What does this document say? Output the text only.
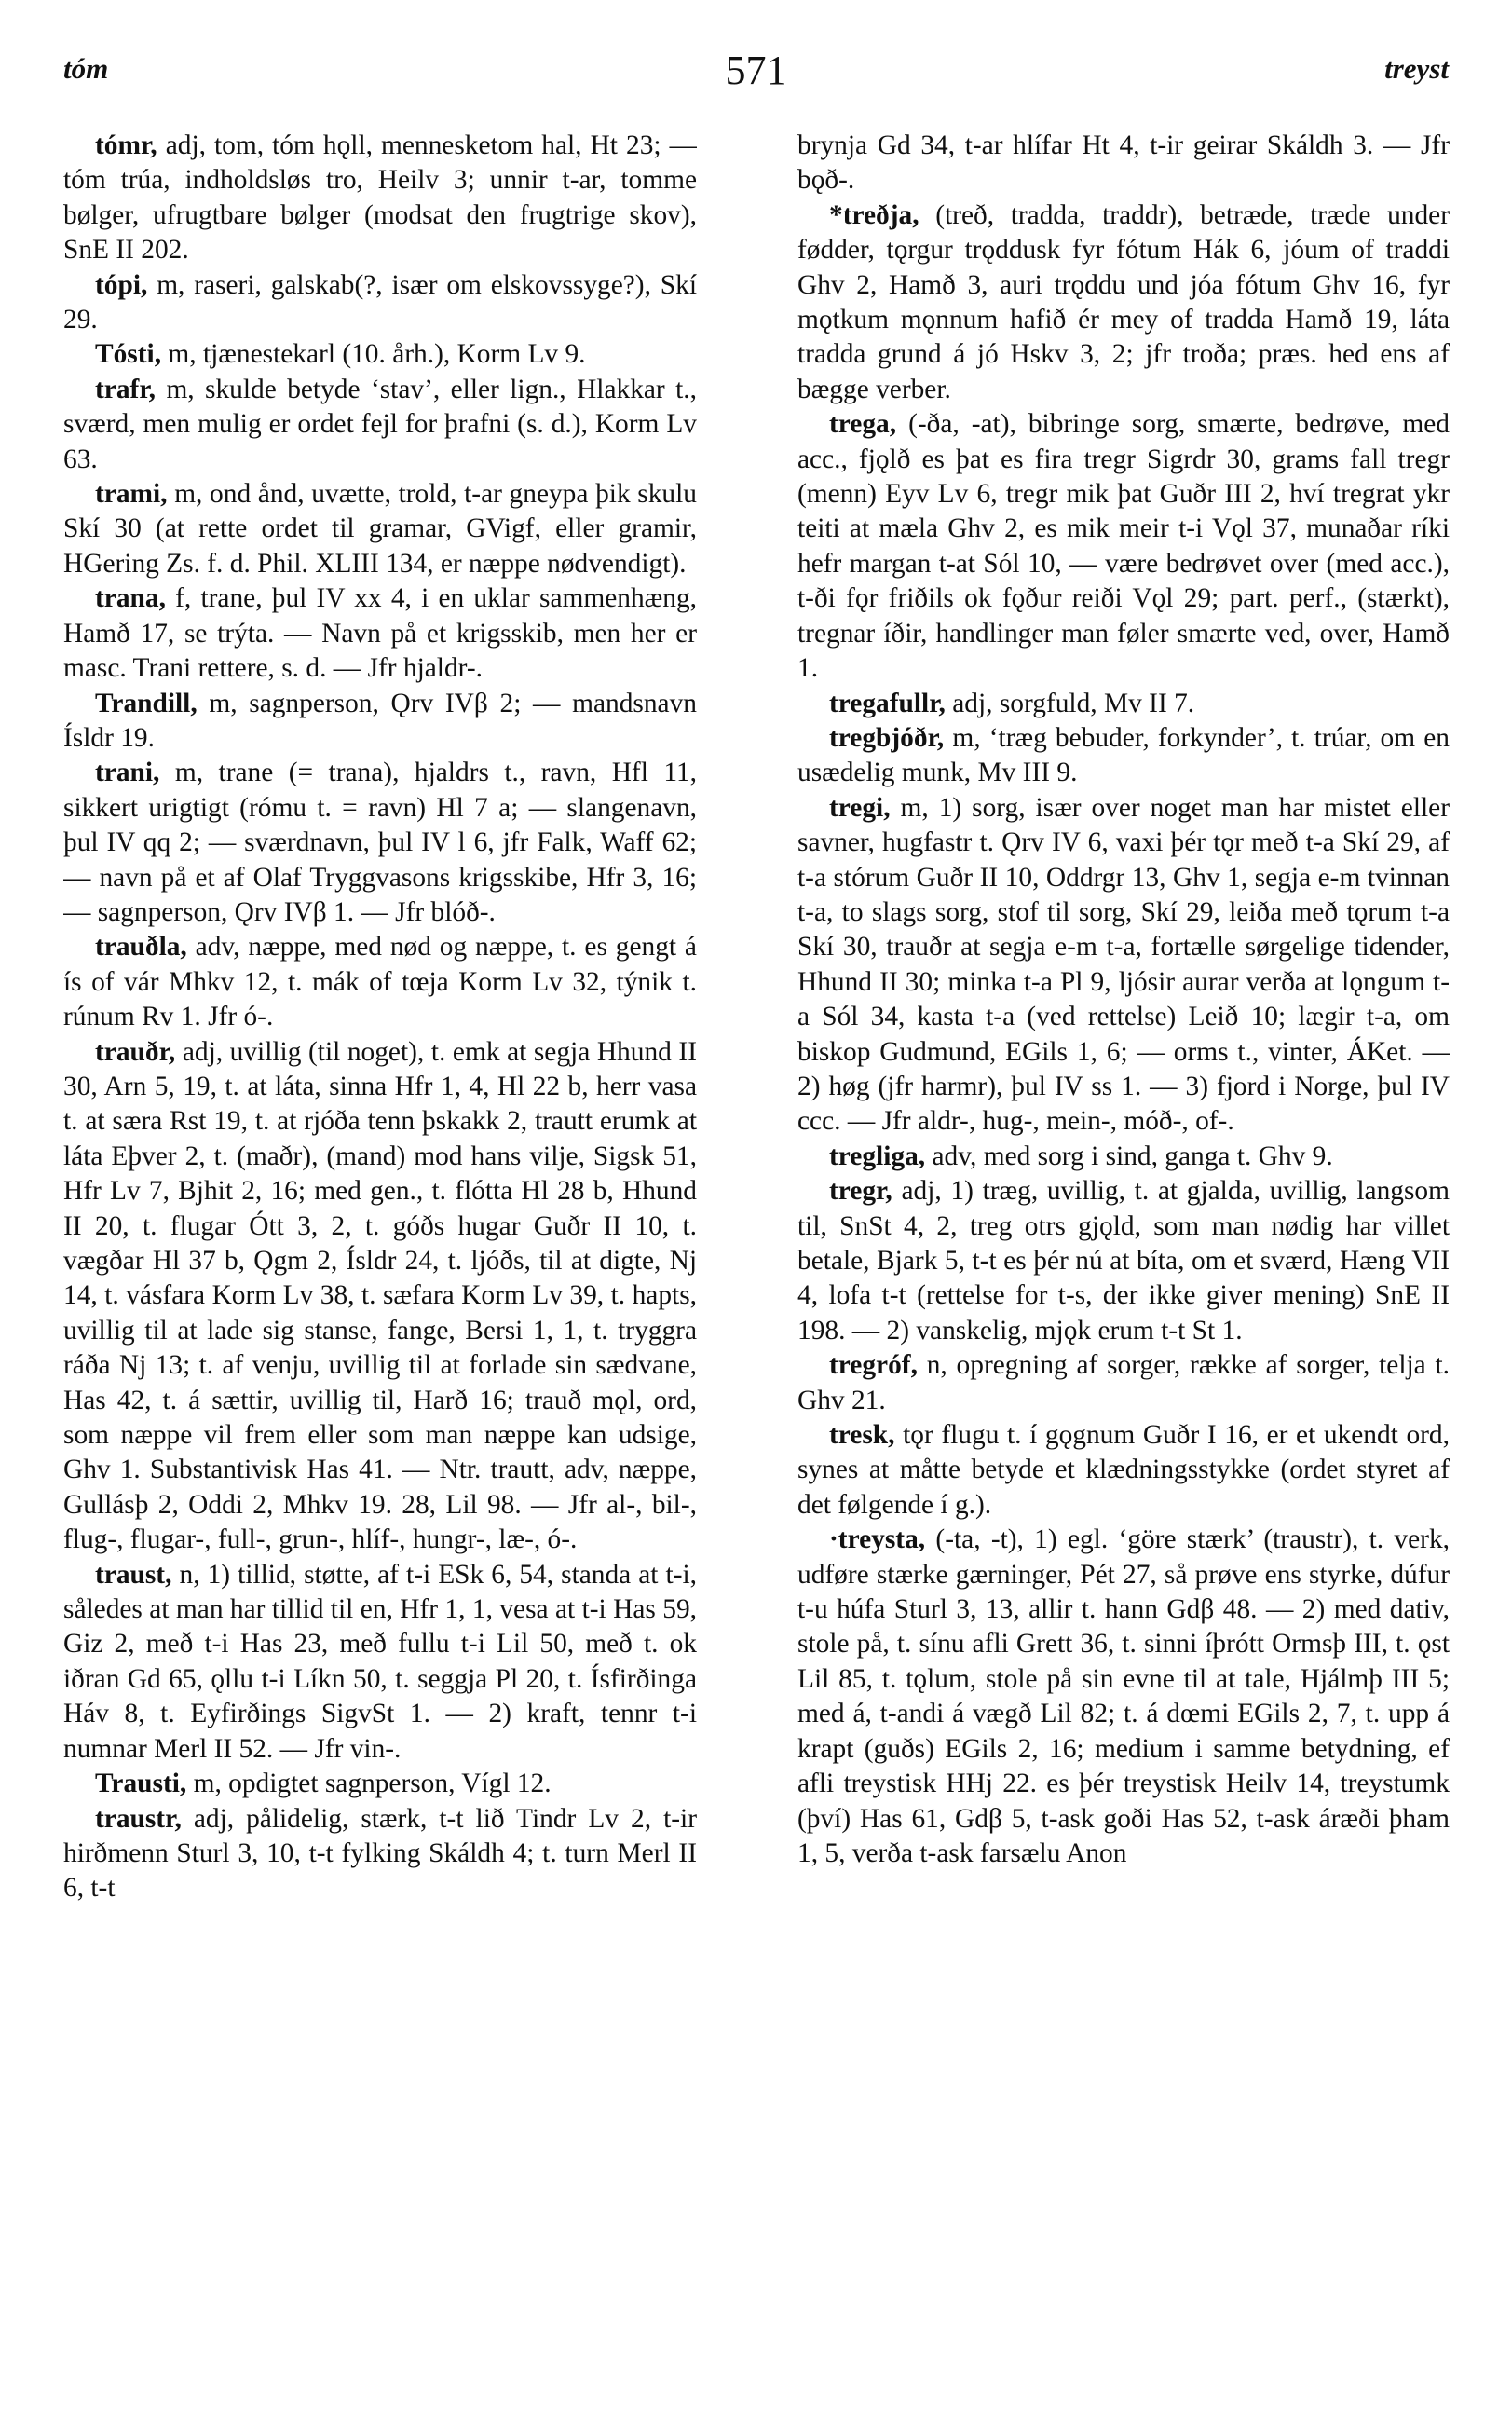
tóm	571	treyst

tómr, adj, tom, tóm hǫll, mennesketom hal, Ht 23; — tóm trúa, indholdsløs tro, Heilv 3; unnir t-ar, tomme bølger, ufrugtbare bølger (modsat den frugtrige skov), SnE II 202.

tópi, m, raseri, galskab(?, især om elskovssyge?), Skí 29.

Tósti, m, tjænestekarl (10. årh.), Korm Lv 9.

trafr, m, skulde betyde ‘stav’, eller lign., Hlakkar t., sværd, men mulig er ordet fejl for þrafni (s. d.), Korm Lv 63.

trami, m, ond ånd, uvætte, trold, t-ar gneypa þik skulu Skí 30 (at rette ordet til gramar, GVigf, eller gramir, HGering Zs. f. d. Phil. XLIII 134, er næppe nødvendigt).

trana, f, trane, þul IV xx 4, i en uklar sammenhæng, Hamð 17, se trýta. — Navn på et krigsskib, men her er masc. Trani rettere, s. d. — Jfr hjaldr-.

Trandill, m, sagnperson, Ǫrv IVβ 2; — mandsnavn Ísldr 19.

trani, m, trane (= trana), hjaldrs t., ravn, Hfl 11, sikkert urigtigt (rómu t. = ravn) Hl 7 a; — slangenavn, þul IV qq 2; — sværdnavn, þul IV l 6, jfr Falk, Waff 62; — navn på et af Olaf Tryggvasons krigsskibe, Hfr 3, 16; — sagnperson, Ǫrv IVβ 1. — Jfr blóð-.

trauðla, adv, næppe, med nød og næppe, t. es gengt á ís of vár Mhkv 12, t. mák of tœja Korm Lv 32, týnik t. rúnum Rv 1. Jfr ó-.

trauðr, adj, uvillig (til noget), t. emk at segja Hhund II 30, Arn 5, 19, t. at láta, sinna Hfr 1, 4, Hl 22 b, herr vasa t. at særa Rst 19, t. at rjóða tenn þskakk 2, trautt erumk at láta Eþver 2, t. (maðr), (mand) mod hans vilje, Sigsk 51, Hfr Lv 7, Bjhit 2, 16; med gen., t. flótta Hl 28 b, Hhund II 20, t. flugar Ótt 3, 2, t. góðs hugar Guðr II 10, t. vægðar Hl 37 b, Ǫgm 2, Ísldr 24, t. ljóðs, til at digte, Nj 14, t. vásfara Korm Lv 38, t. sæfara Korm Lv 39, t. hapts, uvillig til at lade sig stanse, fange, Bersi 1, 1, t. tryggra ráða Nj 13; t. af venju, uvillig til at forlade sin sædvane, Has 42, t. á sættir, uvillig til, Harð 16; trauð mǫl, ord, som næppe vil frem eller som man næppe kan udsige, Ghv 1. Substantivisk Has 41. — Ntr. trautt, adv, næppe, Gullásþ 2, Oddi 2, Mhkv 19. 28, Lil 98. — Jfr al-, bil-, flug-, flugar-, full-, grun-, hlíf-, hungr-, læ-, ó-.

traust, n, 1) tillid, støtte, af t-i ESk 6, 54, standa at t-i, således at man har tillid til en, Hfr 1, 1, vesa at t-i Has 59, Giz 2, með t-i Has 23, með fullu t-i Lil 50, með t. ok iðran Gd 65, ǫllu t-i Líkn 50, t. seggja Pl 20, t. Ísfirðinga Háv 8, t. Eyfirðings SigvSt 1. — 2) kraft, tennr t-i numnar Merl II 52. — Jfr vin-.

Trausti, m, opdigtet sagnperson, Vígl 12.

traustr, adj, pålidelig, stærk, t-t lið Tindr Lv 2, t-ir hirðmenn Sturl 3, 10, t-t fylking Skáldh 4; t. turn Merl II 6, t-t

brynja Gd 34, t-ar hlífar Ht 4, t-ir geirar Skáldh 3. — Jfr bǫð-.

*treðja, (treð, tradda, traddr), betræde, træde under fødder, tǫrgur trǫddusk fyr fótum Hák 6, jóum of traddi Ghv 2, Hamð 3, auri trǫddu und jóa fótum Ghv 16, fyr mǫtkum mǫnnum hafið ér mey of tradda Hamð 19, láta tradda grund á jó Hskv 3, 2; jfr troða; præs. hed ens af bægge verber.

trega, (-ða, -at), bibringe sorg, smærte, bedrøve, med acc., fjǫlð es þat es fira tregr Sigrdr 30, grams fall tregr (menn) Eyv Lv 6, tregr mik þat Guðr III 2, hví tregrat ykr teiti at mæla Ghv 2, es mik meir t-i Vǫl 37, munaðar ríki hefr margan t-at Sól 10, — være bedrøvet over (med acc.), t-ði fǫr friðils ok fǫður reiði Vǫl 29; part. perf., (stærkt), tregnar íðir, handlinger man føler smærte ved, over, Hamð 1.

tregafullr, adj, sorgfuld, Mv II 7.

tregbjóðr, m, ‘træg bebuder, forkynder’, t. trúar, om en usædelig munk, Mv III 9.

tregi, m, 1) sorg, især over noget man har mistet eller savner, hugfastr t. Ǫrv IV 6, vaxi þér tǫr með t-a Skí 29, af t-a stórum Guðr II 10, Oddrgr 13, Ghv 1, segja e-m tvinnan t-a, to slags sorg, stof til sorg, Skí 29, leiða með tǫrum t-a Skí 30, trauðr at segja e-m t-a, fortælle sørgelige tidender, Hhund II 30; minka t-a Pl 9, ljósir aurar verða at lǫngum t-a Sól 34, kasta t-a (ved rettelse) Leið 10; lægir t-a, om biskop Gudmund, EGils 1, 6; — orms t., vinter, ÁKet. — 2) høg (jfr harmr), þul IV ss 1. — 3) fjord i Norge, þul IV ccc. — Jfr aldr-, hug-, mein-, móð-, of-.

tregliga, adv, med sorg i sind, ganga t. Ghv 9.

tregr, adj, 1) træg, uvillig, t. at gjalda, uvillig, langsom til, SnSt 4, 2, treg otrs gjǫld, som man nødig har villet betale, Bjark 5, t-t es þér nú at bíta, om et sværd, Hæng VII 4, lofa t-t (rettelse for t-s, der ikke giver mening) SnE II 198. — 2) vanskelig, mjǫk erum t-t St 1.

tregróf, n, opregning af sorger, række af sorger, telja t. Ghv 21.

tresk, tǫr flugu t. í gǫgnum Guðr I 16, er et ukendt ord, synes at måtte betyde et klædningsstykke (ordet styret af det følgende í g.).

·treysta, (-ta, -t), 1) egl. ‘göre stærk’ (traustr), t. verk, udføre stærke gærninger, Pét 27, så prøve ens styrke, dúfur t-u húfa Sturl 3, 13, allir t. hann Gdβ 48. — 2) med dativ, stole på, t. sínu afli Grett 36, t. sinni íþrótt Ormsþ III, t. ǫst Lil 85, t. tǫlum, stole på sin evne til at tale, Hjálmþ III 5; med á, t-andi á vægð Lil 82; t. á dœmi EGils 2, 7, t. upp á krapt (guðs) EGils 2, 16; medium i samme betydning, ef afli treystisk HHj 22. es þér treystisk Heilv 14, treystumk (því) Has 61, Gdβ 5, t-ask goði Has 52, t-ask áræði þham 1, 5, verða t-ask farsælu Anon
